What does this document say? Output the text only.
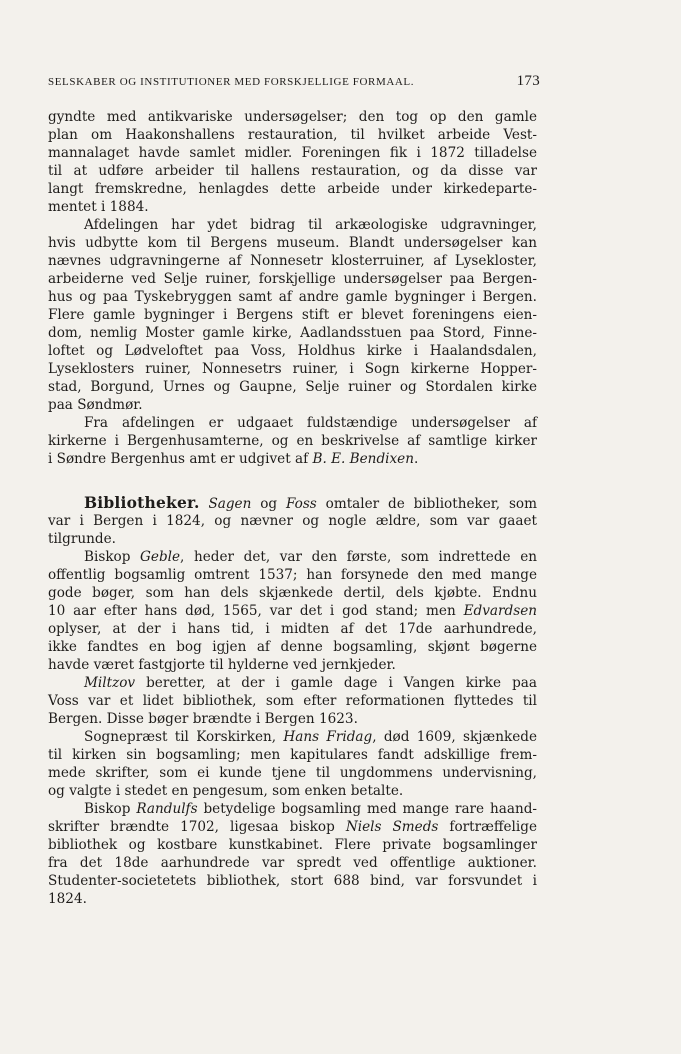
SELSKABER OG INSTITUTIONER MED FORSKJELLIGE FORMAAL.	173
gyndte med antikvariske undersøgelser; den tog op den gamle
plan om Haakonshallens restauration, til hvilket arbeide Vest-
mannalaget havde samlet midler. Foreningen fik i 1872 tilladelse
til at udføre arbeider til hallens restauration, og da disse var
langt fremskredne, henlagdes dette arbeide under kirkedeparte-
mentet i 1884.
Afdelingen har ydet bidrag til arkæologiske udgravninger,
hvis udbytte kom til Bergens museum. Blandt undersøgelser kan
nævnes udgravningerne af Nonnesetr klosterruiner, af Lysekloster,
arbeiderne ved Selje ruiner, forskjellige undersøgelser paa Bergen-
hus og paa Tyskebryggen samt af andre gamle bygninger i Bergen.
Flere gamle bygninger i Bergens stift er blevet foreningens eien-
dom, nemlig Moster gamle kirke, Aadlandsstuen paa Stord, Finne-
loftet og Lødveloftet paa Voss, Holdhus kirke i Haalandsdalen,
Lyseklosters ruiner, Nonnesetrs ruiner, i Sogn kirkerne Hopper-
stad, Borgund, Urnes og Gaupne, Selje ruiner og Stordalen kirke
paa Søndmør.
Fra afdelingen er udgaaet fuldstændige undersøgelser af
kirkerne i Bergenhusamterne, og en beskrivelse af samtlige kirker
i Søndre Bergenhus amt er udgivet af B. E. Bendixen.
Bibliotheker. Sagen og Foss omtaler de bibliotheker, som
var i Bergen i 1824, og nævner og nogle ældre, som var gaaet
tilgrunde.
Biskop Geble, heder det, var den første, som indrettede en
offentlig bogsamlig omtrent 1537; han forsynede den med mange
gode bøger, som han dels skjænkede dertil, dels kjøbte. Endnu
10 aar efter hans død, 1565, var det i god stand; men Edvardsen
oplyser, at der i hans tid, i midten af det 17de aarhundrede,
ikke fandtes en bog igjen af denne bogsamling, skjønt bøgerne
havde været fastgjorte til hylderne ved jernkjeder.
Miltzov beretter, at der i gamle dage i Vangen kirke paa
Voss var et lidet bibliothek, som efter reformationen flyttedes til
Bergen. Disse bøger brændte i Bergen 1623.
Sognepræst til Korskirken, Hans Fridag, død 1609, skjænkede
til kirken sin bogsamling; men kapitulares fandt adskillige frem-
mede skrifter, som ei kunde tjene til ungdommens undervisning,
og valgte i stedet en pengesum, som enken betalte.
Biskop Randulfs betydelige bogsamling med mange rare haand-
skrifter brændte 1702, ligesaa biskop Niels Smeds fortræffelige
bibliothek og kostbare kunstkabinet. Flere private bogsamlinger
fra det 18de aarhundrede var spredt ved offentlige auktioner.
Studenter-societetets bibliothek, stort 688 bind, var forsvundet i
1824.
